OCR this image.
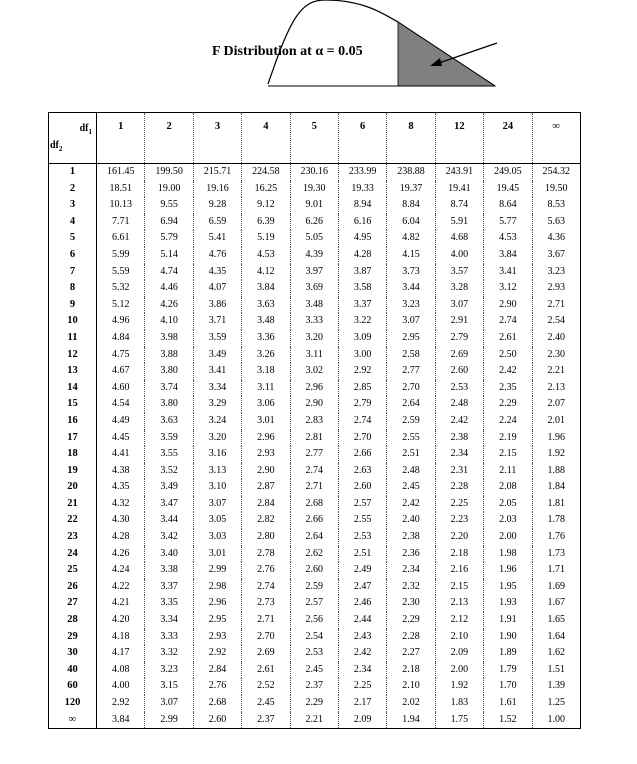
F Distribution at α = 0.05
$df_1$
$df_2$	1	2	3	4	5	6	8	12	24	∞
1	161.45	199.50	215.71	224.58	230.16	233.99	238.88	243.91	249.05	254.32
2	18.51	19.00	19.16	16.25	19.30	19.33	19.37	19.41	19.45	19.50
3	10.13	9.55	9.28	9.12	9.01	8.94	8.84	8.74	8.64	8.53
4	7.71	6.94	6.59	6.39	6.26	6.16	6.04	5.91	5.77	5.63
5	6.61	5.79	5.41	5.19	5.05	4.95	4.82	4.68	4.53	4.36
6	5.99	5.14	4.76	4.53	4.39	4.28	4.15	4.00	3.84	3.67
7	5.59	4.74	4.35	4.12	3.97	3.87	3.73	3.57	3.41	3.23
8	5.32	4.46	4.07	3.84	3.69	3.58	3.44	3.28	3.12	2.93
9	5.12	4.26	3.86	3.63	3.48	3.37	3.23	3.07	2.90	2.71
10	4.96	4.10	3.71	3.48	3.33	3.22	3.07	2.91	2.74	2.54
11	4.84	3.98	3.59	3.36	3.20	3.09	2.95	2.79	2.61	2.40
12	4.75	3.88	3.49	3.26	3.11	3.00	2.58	2.69	2.50	2.30
13	4.67	3.80	3.41	3.18	3.02	2.92	2.77	2.60	2.42	2.21
14	4.60	3.74	3.34	3.11	2.96	2.85	2.70	2.53	2.35	2.13
15	4.54	3.80	3.29	3.06	2.90	2.79	2.64	2.48	2.29	2.07
16	4.49	3.63	3.24	3.01	2.83	2.74	2.59	2.42	2.24	2.01
17	4.45	3.59	3.20	2.96	2.81	2.70	2.55	2.38	2.19	1.96
18	4.41	3.55	3.16	2.93	2.77	2.66	2.51	2.34	2.15	1.92
19	4.38	3.52	3.13	2.90	2.74	2.63	2.48	2.31	2.11	1.88
20	4.35	3.49	3.10	2.87	2.71	2.60	2.45	2.28	2.08	1.84
21	4.32	3.47	3.07	2.84	2.68	2.57	2.42	2.25	2.05	1.81
22	4.30	3.44	3.05	2.82	2.66	2.55	2.40	2.23	2.03	1.78
23	4.28	3.42	3.03	2.80	2.64	2.53	2.38	2.20	2.00	1.76
24	4.26	3.40	3.01	2.78	2.62	2.51	2.36	2.18	1.98	1.73
25	4.24	3.38	2.99	2.76	2.60	2.49	2.34	2.16	1.96	1.71
26	4.22	3.37	2.98	2.74	2.59	2.47	2.32	2.15	1.95	1.69
27	4.21	3.35	2.96	2.73	2.57	2.46	2.30	2.13	1.93	1.67
28	4.20	3.34	2.95	2.71	2.56	2.44	2.29	2.12	1.91	1.65
29	4.18	3.33	2.93	2.70	2.54	2.43	2.28	2.10	1.90	1.64
30	4.17	3.32	2.92	2.69	2.53	2.42	2.27	2.09	1.89	1.62
40	4.08	3.23	2.84	2.61	2.45	2.34	2.18	2.00	1.79	1.51
60	4.00	3.15	2.76	2.52	2.37	2.25	2.10	1.92	1.70	1.39
120	2.92	3.07	2.68	2.45	2.29	2.17	2.02	1.83	1.61	1.25
∞	3.84	2.99	2.60	2.37	2.21	2.09	1.94	1.75	1.52	1.00
